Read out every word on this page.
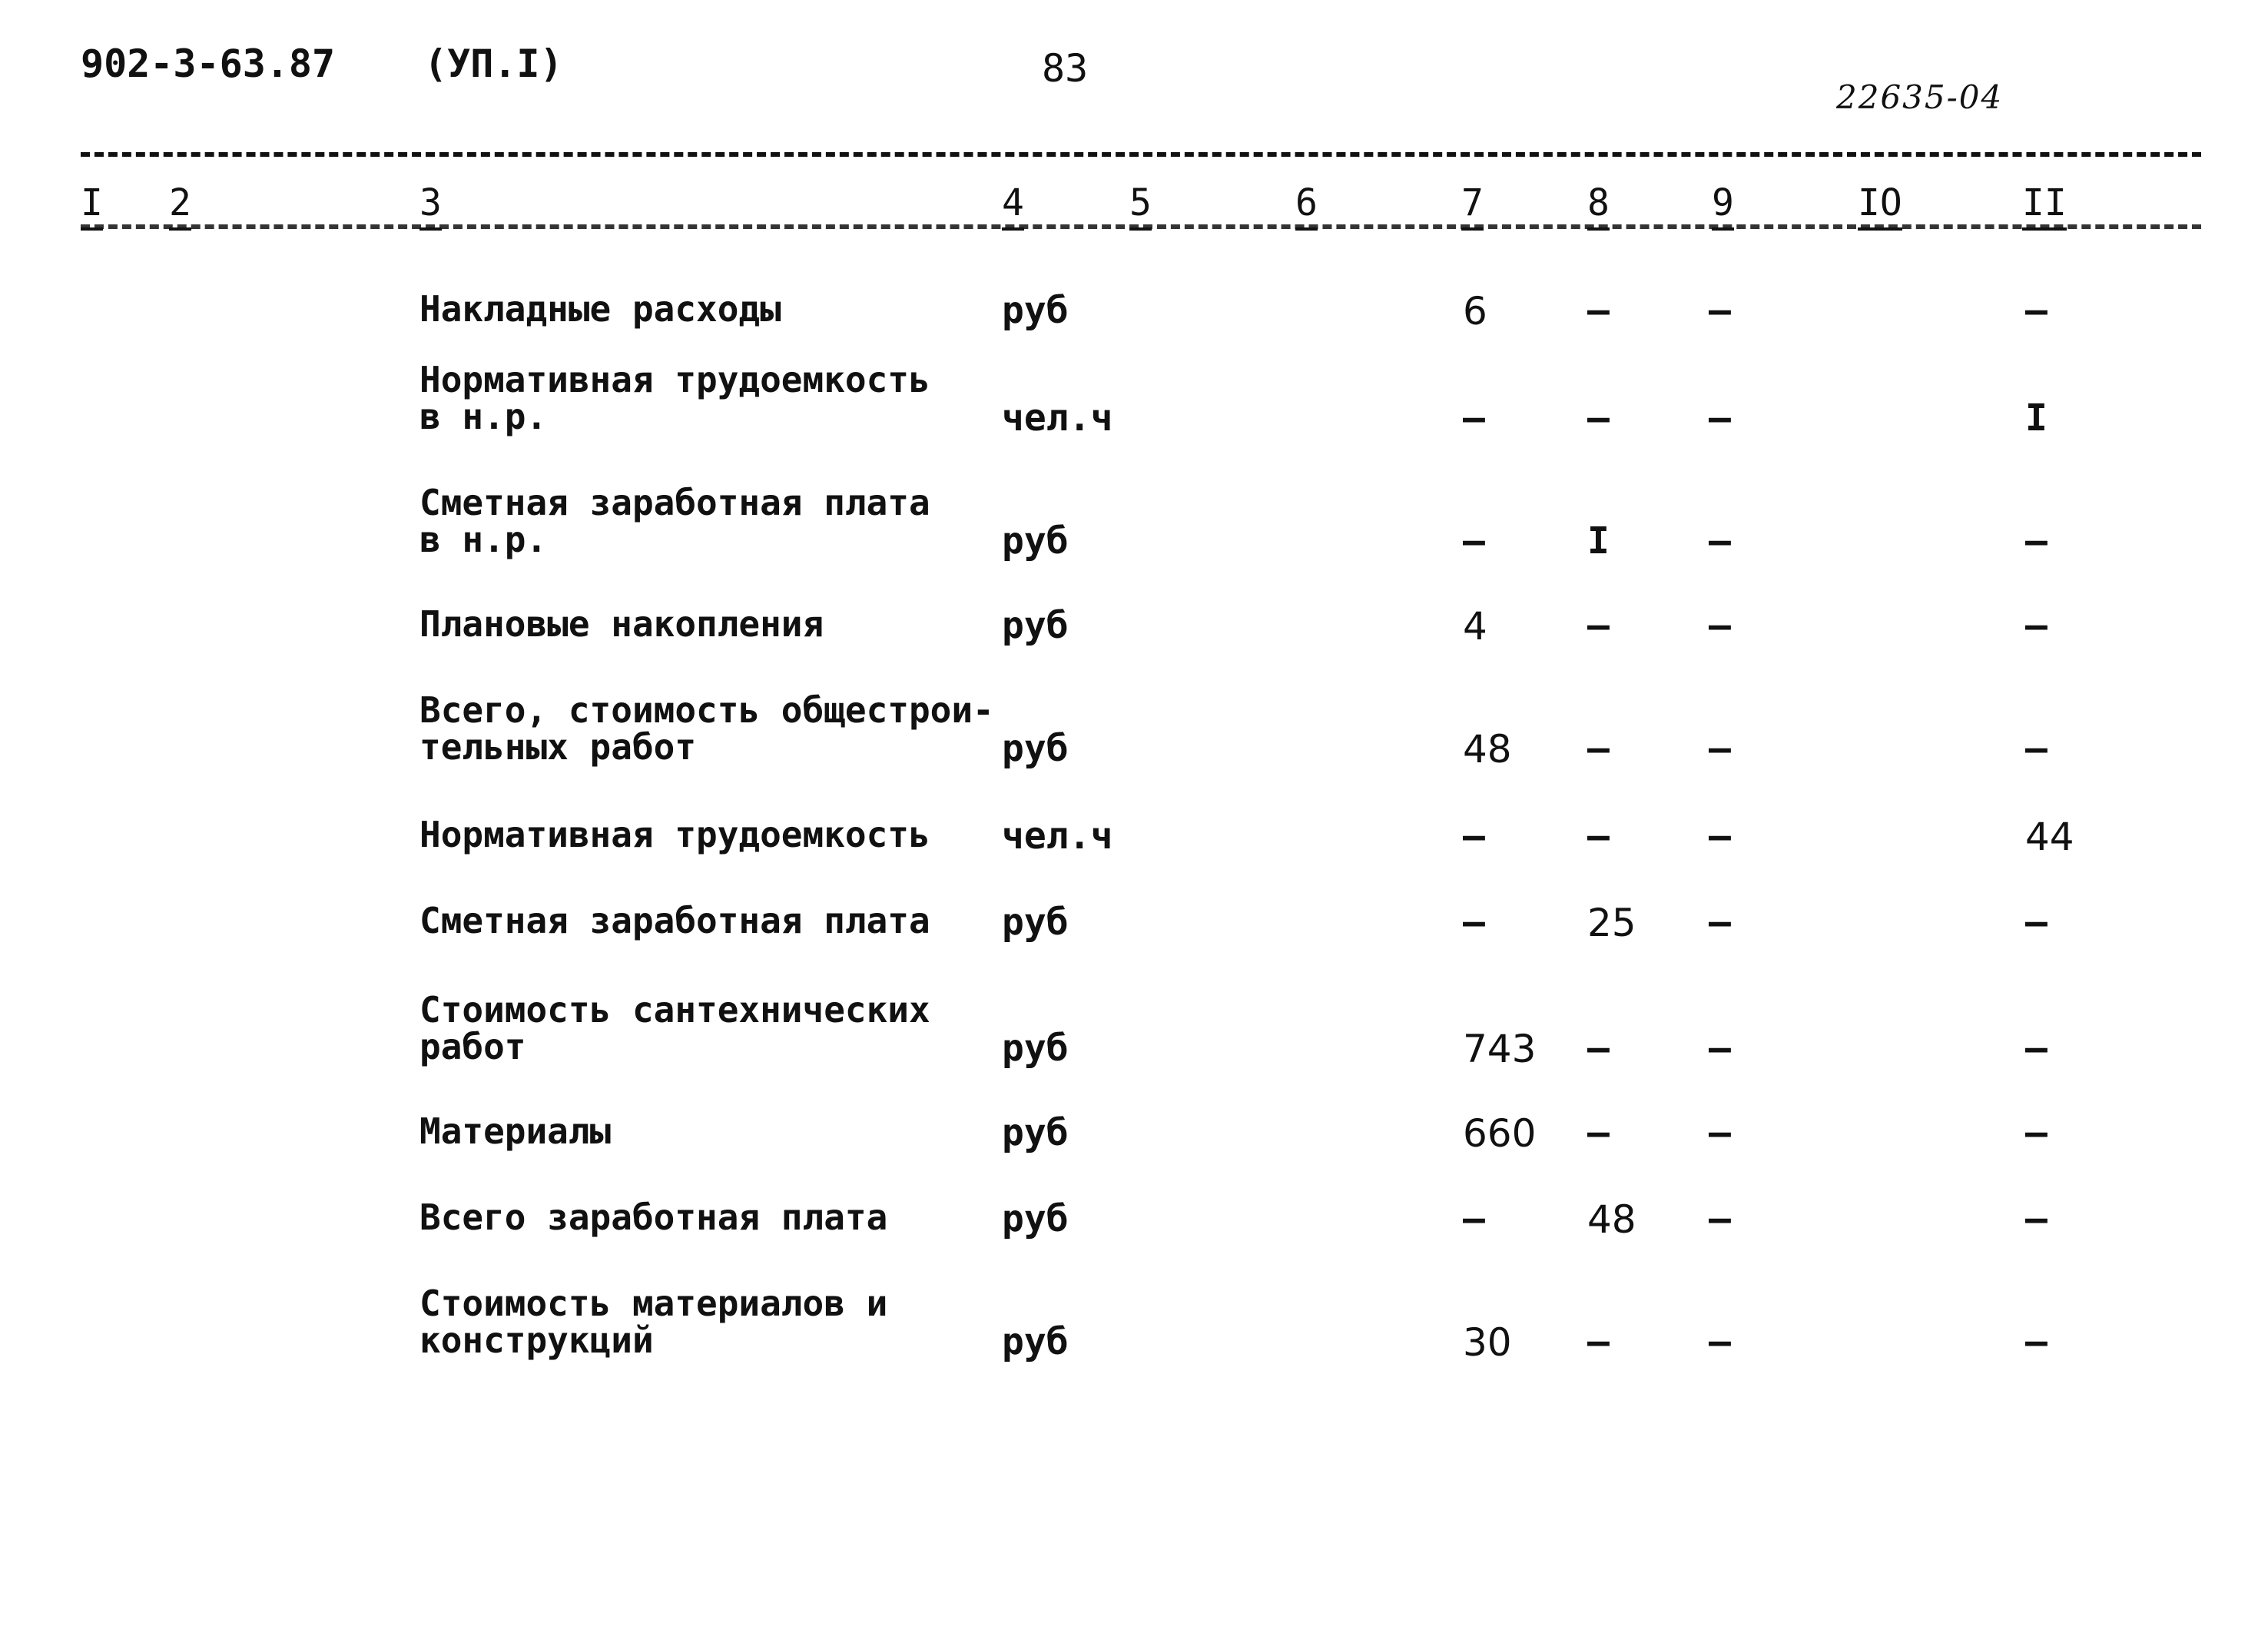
902-3-63.87 (УП.I)	83
22635-04
I 2	3	4	5	6	7	8	9	IO	II
Накладные расходы	руб	6	–	–	–
Нормативная трудоемкость
в н.р.	чел.ч	–	–	–	I
Сметная заработная плата
в н.р.	руб	–	I	–	–
Плановые накопления	руб	4	–	–	–
Всего, стоимость общестрои-
тельных работ	руб	48 –	–	–
Нормативная трудоемкость чел.ч	–	–	–	44
Сметная заработная плата руб	–	25 –	–
Стоимость сантехнических
работ	руб	743 –	–	–
Материалы	руб	660 –	–	–
Всего заработная плата	руб	–	48 –	–
Стоимость материалов и
конструкций	руб	30 –	–	–
